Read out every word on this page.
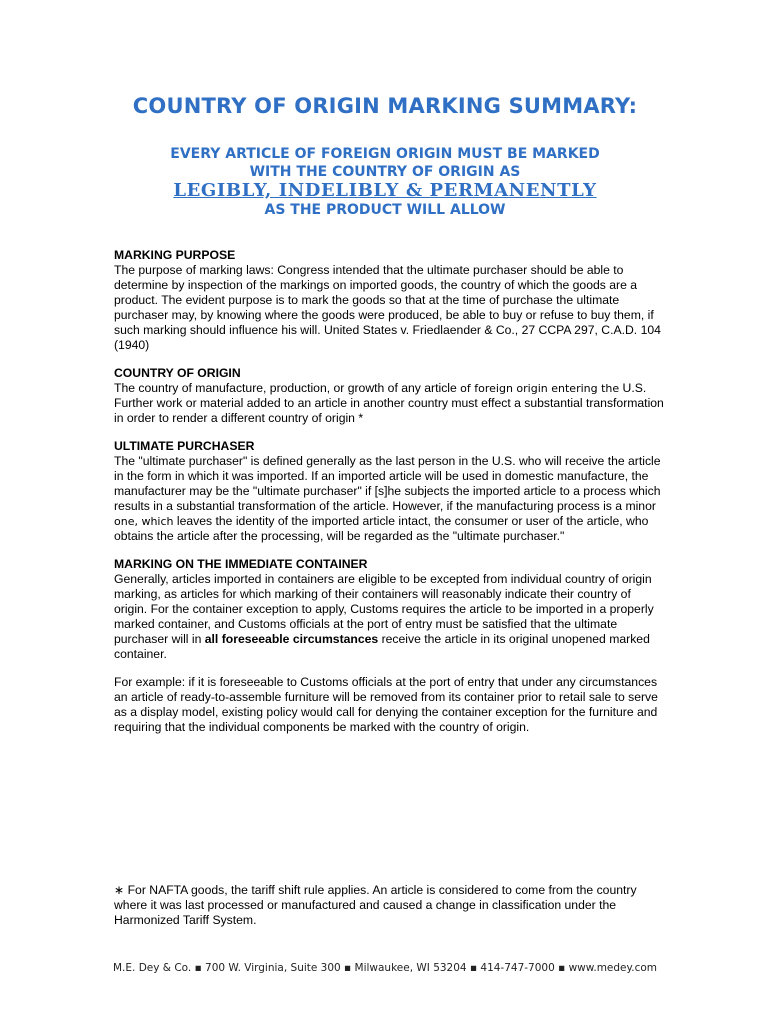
COUNTRY OF ORIGIN MARKING SUMMARY:

EVERY ARTICLE OF FOREIGN ORIGIN MUST BE MARKED

WITH THE COUNTRY OF ORIGIN AS

LEGIBLY, INDELIBLY & PERMANENTLY

AS THE PRODUCT WILL ALLOW

MARKING PURPOSE

The purpose of marking laws: Congress intended that the ultimate purchaser should be able to determine by inspection of the markings on imported goods, the country of which the goods are a product. The evident purpose is to mark the goods so that at the time of purchase the ultimate purchaser may, by knowing where the goods were produced, be able to buy or refuse to buy them, if such marking should influence his will. United States v. Friedlaender & Co., 27 CCPA 297, C.A.D. 104 (1940)

COUNTRY OF ORIGIN

The country of manufacture, production, or growth of any article of foreign origin entering the U.S. Further work or material added to an article in another country must effect a substantial transformation in order to render a different country of origin *

ULTIMATE PURCHASER

The "ultimate purchaser" is defined generally as the last person in the U.S. who will receive the article in the form in which it was imported. If an imported article will be used in domestic manufacture, the manufacturer may be the "ultimate purchaser" if [s]he subjects the imported article to a process which results in a substantial transformation of the article. However, if the manufacturing process is a minor one, which leaves the identity of the imported article intact, the consumer or user of the article, who obtains the article after the processing, will be regarded as the "ultimate purchaser."

MARKING ON THE IMMEDIATE CONTAINER

Generally, articles imported in containers are eligible to be excepted from individual country of origin marking, as articles for which marking of their containers will reasonably indicate their country of origin. For the container exception to apply, Customs requires the article to be imported in a properly marked container, and Customs officials at the port of entry must be satisfied that the ultimate purchaser will in all foreseeable circumstances receive the article in its original unopened marked container.

For example: if it is foreseeable to Customs officials at the port of entry that under any circumstances an article of ready-to-assemble furniture will be removed from its container prior to retail sale to serve as a display model, existing policy would call for denying the container exception for the furniture and requiring that the individual components be marked with the country of origin.

∗ For NAFTA goods, the tariff shift rule applies. An article is considered to come from the country where it was last processed or manufactured and caused a change in classification under the Harmonized Tariff System.

M.E. Dey & Co. ▪ 700 W. Virginia, Suite 300 ▪ Milwaukee, WI 53204 ▪ 414-747-7000 ▪ www.medey.com
